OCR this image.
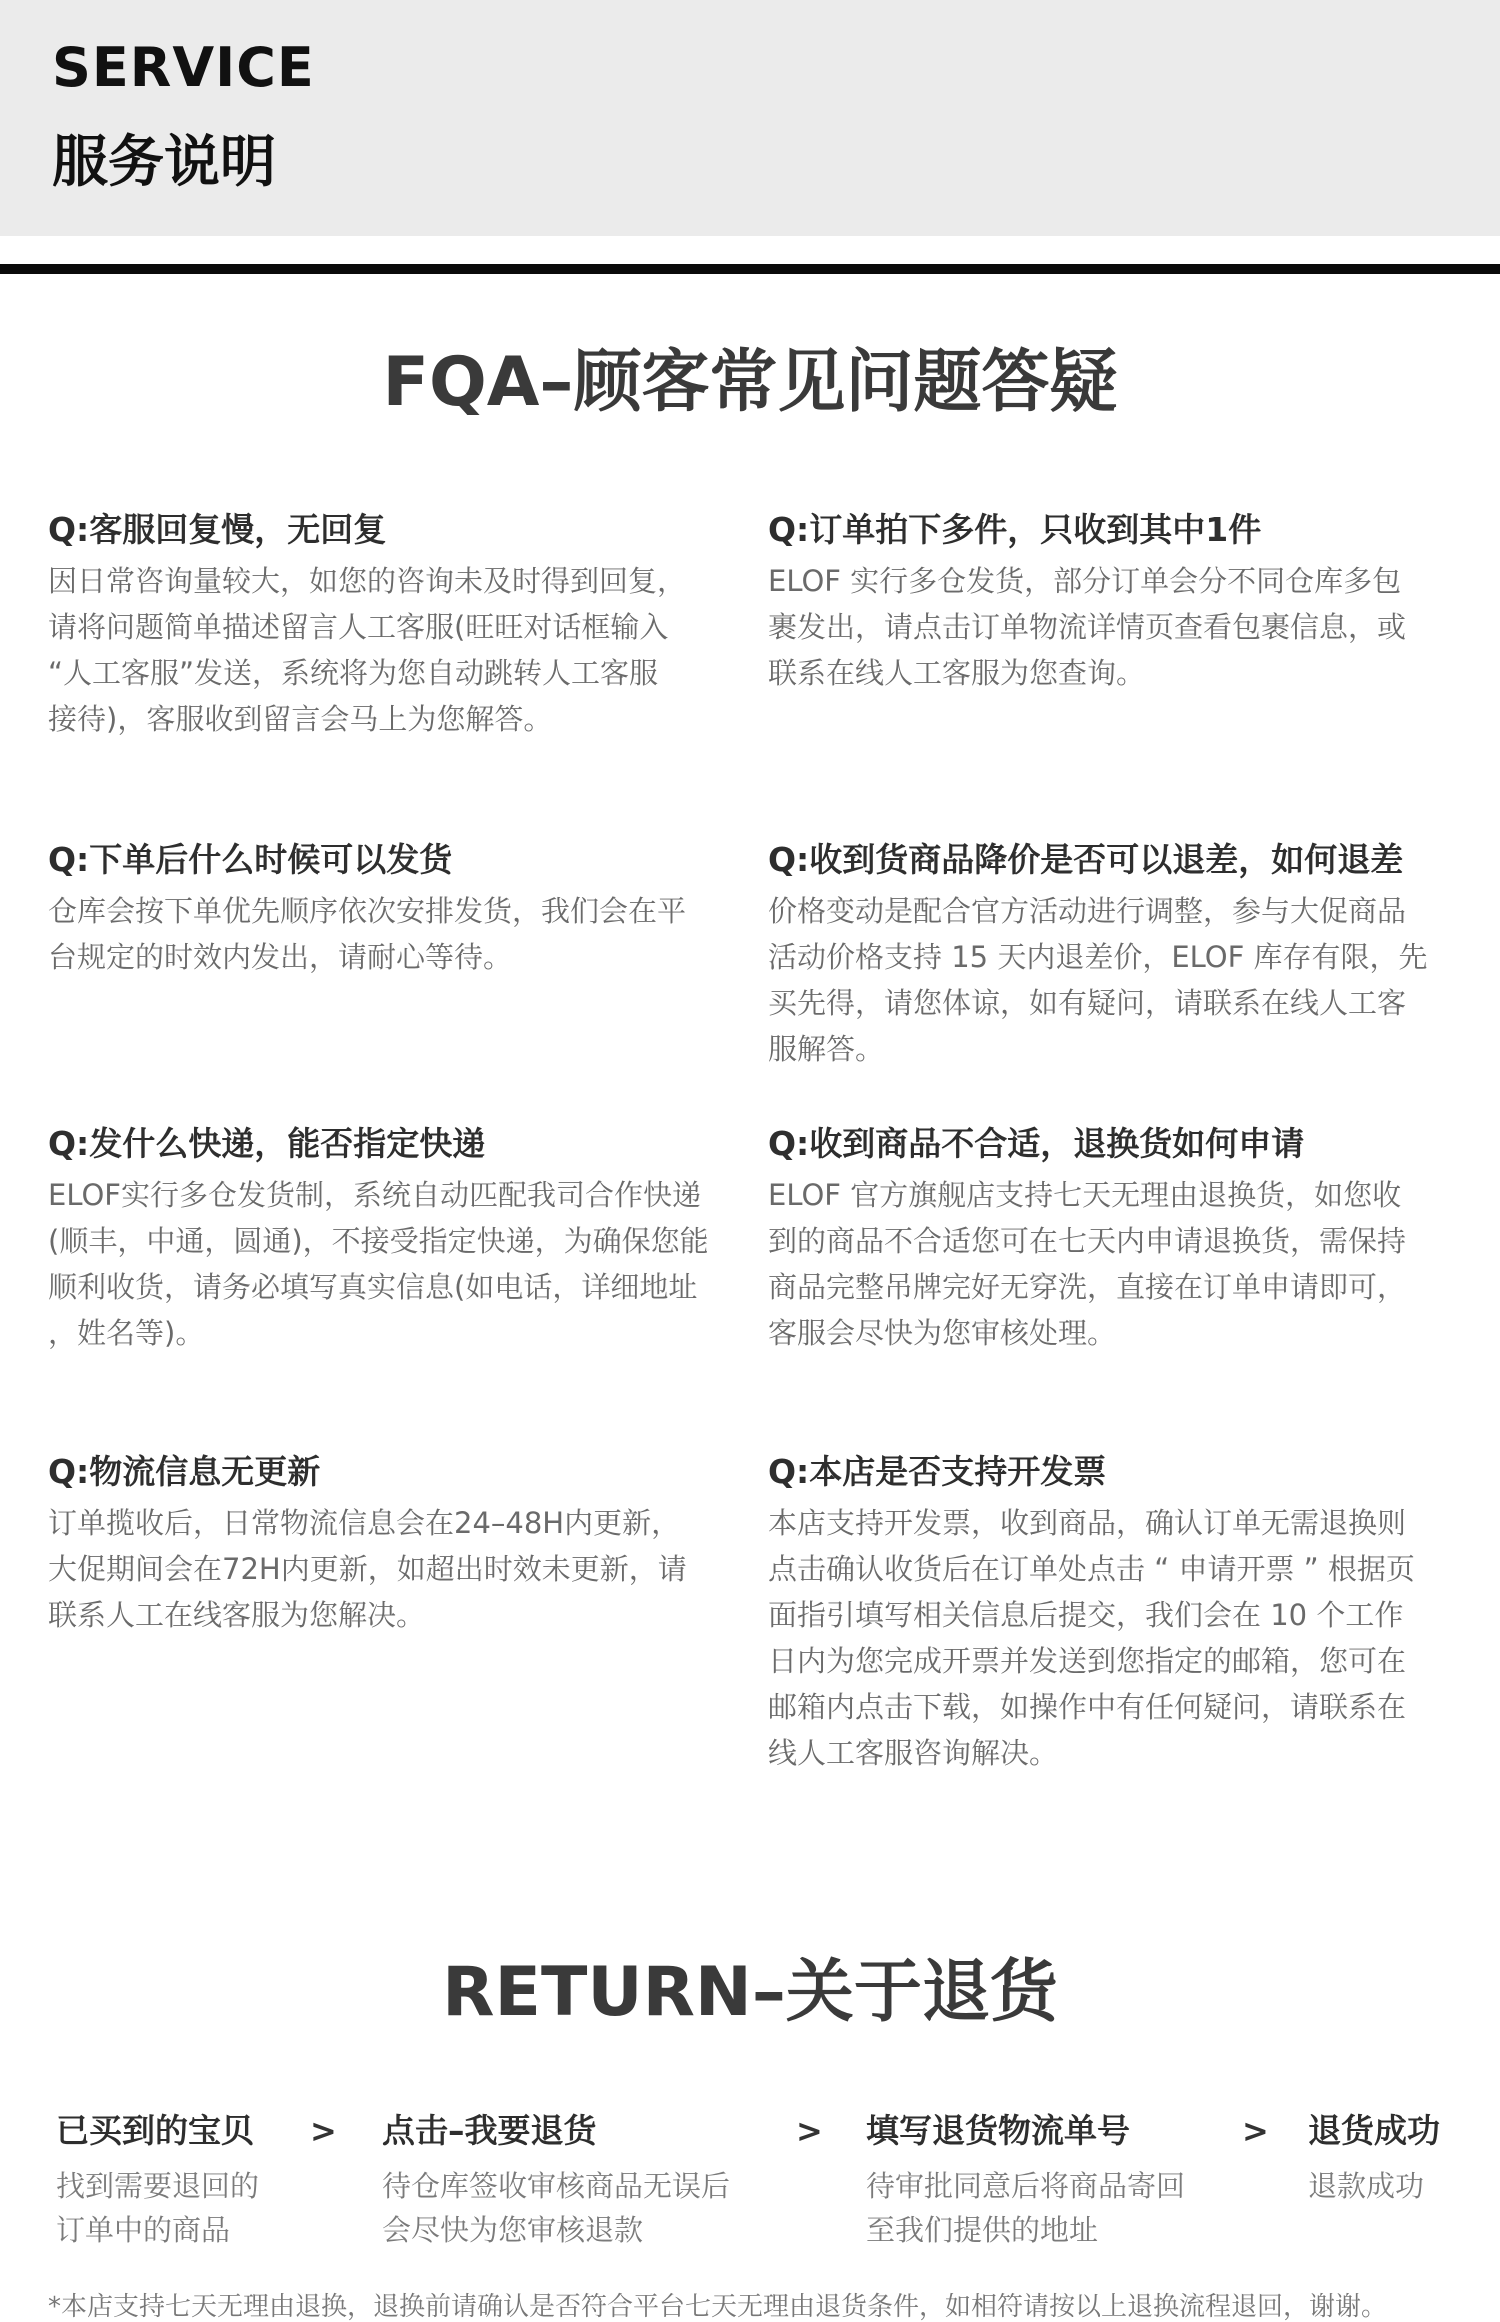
SERVICE
服务说明
FQA–顾客常见问题答疑
Q:客服回复慢，无回复
因日常咨询量较大，如您的咨询未及时得到回复，
请将问题简单描述留言人工客服(旺旺对话框输入
“人工客服”发送，系统将为您自动跳转人工客服
接待)，客服收到留言会马上为您解答。
Q:订单拍下多件，只收到其中1件
ELOF 实行多仓发货，部分订单会分不同仓库多包
裹发出，请点击订单物流详情页查看包裹信息，或
联系在线人工客服为您查询。
Q:下单后什么时候可以发货
仓库会按下单优先顺序依次安排发货，我们会在平
台规定的时效内发出，请耐心等待。
Q:收到货商品降价是否可以退差，如何退差
价格变动是配合官方活动进行调整，参与大促商品
活动价格支持 15 天内退差价，ELOF 库存有限，先
买先得，请您体谅，如有疑问，请联系在线人工客
服解答。
Q:发什么快递，能否指定快递
ELOF实行多仓发货制，系统自动匹配我司合作快递
(顺丰，中通，圆通)，不接受指定快递，为确保您能
顺利收货，请务必填写真实信息(如电话，详细地址
，姓名等)。
Q:收到商品不合适，退换货如何申请
ELOF 官方旗舰店支持七天无理由退换货，如您收
到的商品不合适您可在七天内申请退换货，需保持
商品完整吊牌完好无穿洗，直接在订单申请即可，
客服会尽快为您审核处理。
Q:物流信息无更新
订单揽收后，日常物流信息会在24–48H内更新，
大促期间会在72H内更新，如超出时效未更新，请
联系人工在线客服为您解决。
Q:本店是否支持开发票
本店支持开发票，收到商品，确认订单无需退换则
点击确认收货后在订单处点击 “ 申请开票 ” 根据页
面指引填写相关信息后提交，我们会在 10 个工作
日内为您完成开票并发送到您指定的邮箱，您可在
邮箱内点击下载，如操作中有任何疑问，请联系在
线人工客服咨询解决。
RETURN–关于退货
已买到的宝贝
找到需要退回的
订单中的商品
> 点击–我要退货
待仓库签收审核商品无误后
会尽快为您审核退款
> 填写退货物流单号
待审批同意后将商品寄回
至我们提供的地址
> 退货成功
退款成功
*本店支持七天无理由退换，退换前请确认是否符合平台七天无理由退货条件，如相符请按以上退换流程退回，谢谢。
